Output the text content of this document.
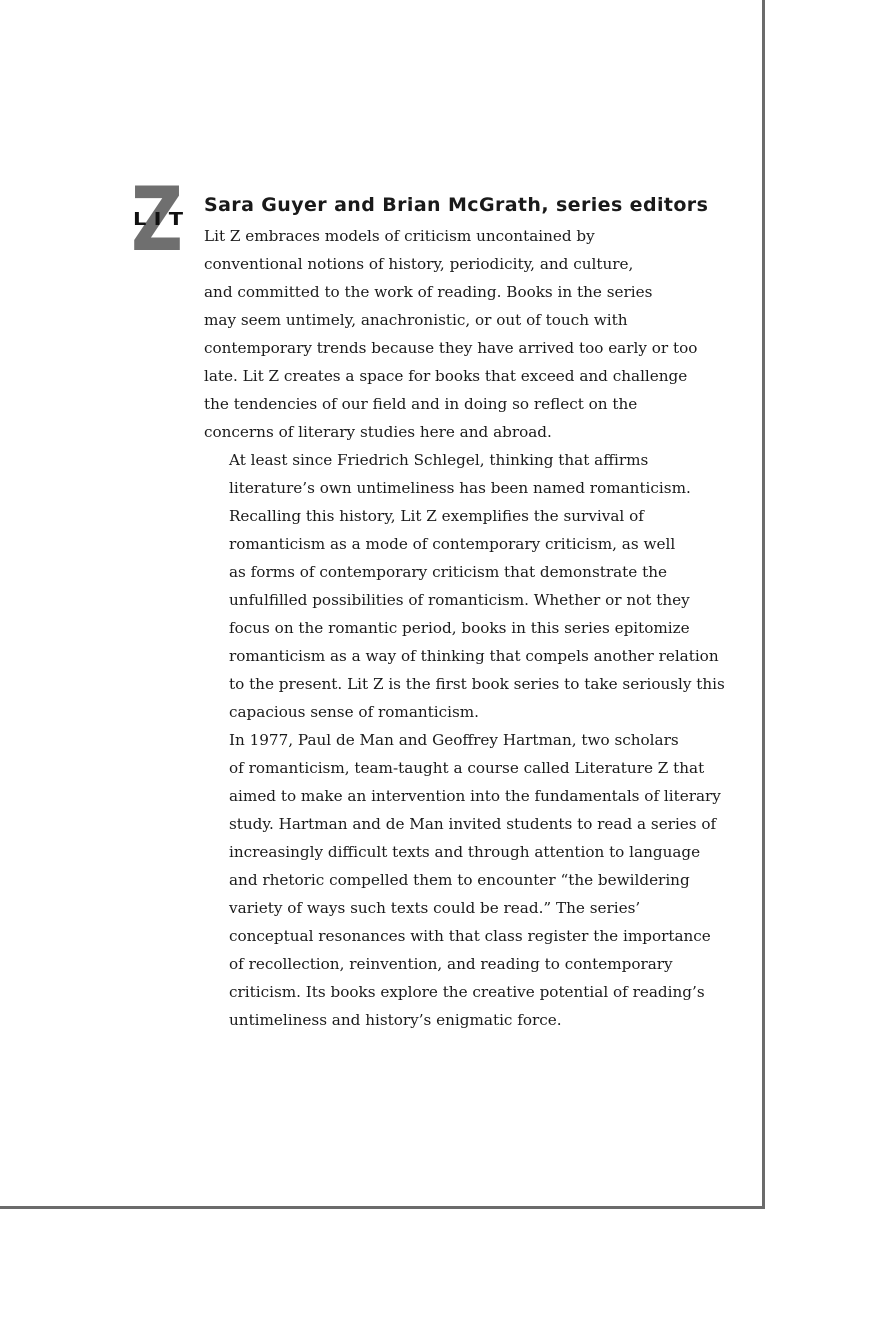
Z
L I T
Sara Guyer and Brian McGrath, series editors

Lit Z embraces models of criticism uncontained by
conventional notions of history, periodicity, and culture,
and committed to the work of reading. Books in the series
may seem untimely, anachronistic, or out of touch with
contemporary trends because they have arrived too early or too
late. Lit Z creates a space for books that exceed and challenge
the tendencies of our field and in doing so reflect on the
concerns of literary studies here and abroad.

At least since Friedrich Schlegel, thinking that affirms
literature’s own untimeliness has been named romanticism.
Recalling this history, Lit Z exemplifies the survival of
romanticism as a mode of contemporary criticism, as well
as forms of contemporary criticism that demonstrate the
unfulfilled possibilities of romanticism. Whether or not they
focus on the romantic period, books in this series epitomize
romanticism as a way of thinking that compels another relation
to the present. Lit Z is the first book series to take seriously this
capacious sense of romanticism.

In 1977, Paul de Man and Geoffrey Hartman, two scholars
of romanticism, team-taught a course called Literature Z that
aimed to make an intervention into the fundamentals of literary
study. Hartman and de Man invited students to read a series of
increasingly difficult texts and through attention to language
and rhetoric compelled them to encounter “the bewildering
variety of ways such texts could be read.” The series’
conceptual resonances with that class register the importance
of recollection, reinvention, and reading to contemporary
criticism. Its books explore the creative potential of reading’s
untimeliness and history’s enigmatic force.
